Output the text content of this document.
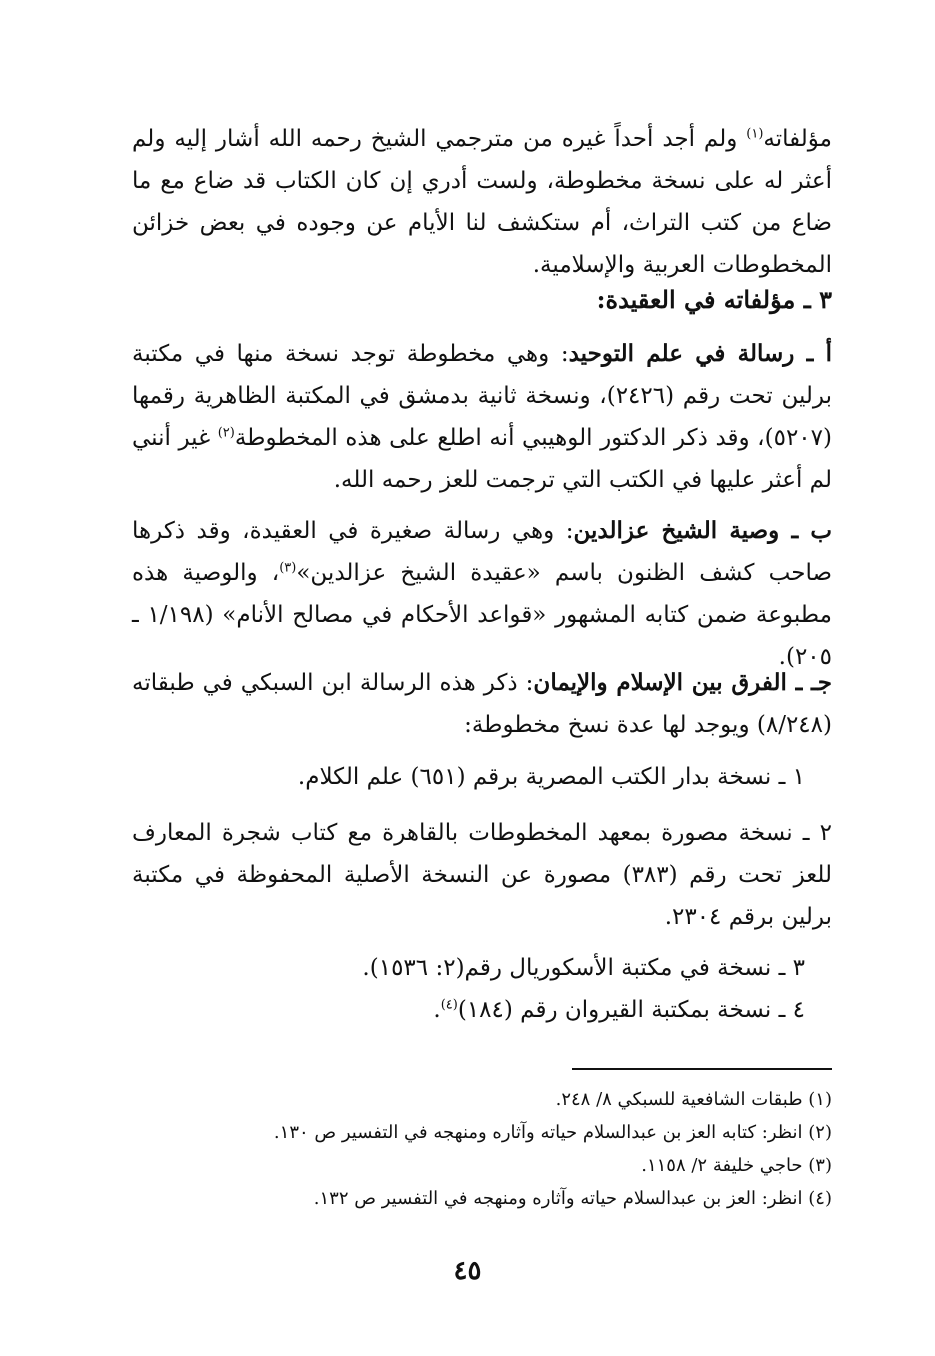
مؤلفاته$^{(١)}$ ولم أجد أحداً غيره من مترجمي الشيخ رحمه الله أشار إليه ولم أعثر له على نسخة مخطوطة، ولست أدري إن كان الكتاب قد ضاع مع ما ضاع من كتب التراث، أم ستكشف لنا الأيام عن وجوده في بعض خزائن المخطوطات العربية والإسلامية.

٣ ـ مؤلفاته في العقيدة:

أ ـ رسالة في علم التوحيد: وهي مخطوطة توجد نسخة منها في مكتبة برلين تحت رقم (٢٤٢٦)، ونسخة ثانية بدمشق في المكتبة الظاهرية رقمها (٥٢٠٧)، وقد ذكر الدكتور الوهيبي أنه اطلع على هذه المخطوطة$^{(٢)}$ غير أنني لم أعثر عليها في الكتب التي ترجمت للعز رحمه الله.

ب ـ وصية الشيخ عزالدين: وهي رسالة صغيرة في العقيدة، وقد ذكرها صاحب كشف الظنون باسم «عقيدة الشيخ عزالدين»$^{(٣)}$، والوصية هذه مطبوعة ضمن كتابه المشهور «قواعد الأحكام في مصالح الأنام» (١/١٩٨ ـ ٢٠٥).

جـ ـ الفرق بين الإسلام والإيمان: ذكر هذه الرسالة ابن السبكي في طبقاته (٨/٢٤٨) ويوجد لها عدة نسخ مخطوطة:

١ ـ نسخة بدار الكتب المصرية برقم (٦٥١) علم الكلام.

٢ ـ نسخة مصورة بمعهد المخطوطات بالقاهرة مع كتاب شجرة المعارف للعز تحت رقم (٣٨٣) مصورة عن النسخة الأصلية المحفوظة في مكتبة برلين برقم ٢٣٠٤.

٣ ـ نسخة في مكتبة الأسكوريال رقم(٢: ١٥٣٦).
٤ ـ نسخة بمكتبة القيروان رقم (١٨٤)$^{(٤)}$.
(١) طبقات الشافعية للسبكي ٨/ ٢٤٨.
(٢) انظر: كتابه العز بن عبدالسلام حياته وآثاره ومنهجه في التفسير ص ١٣٠.
(٣) حاجي خليفة ٢/ ١١٥٨.
(٤) انظر: العز بن عبدالسلام حياته وآثاره ومنهجه في التفسير ص ١٣٢.
٤٥
